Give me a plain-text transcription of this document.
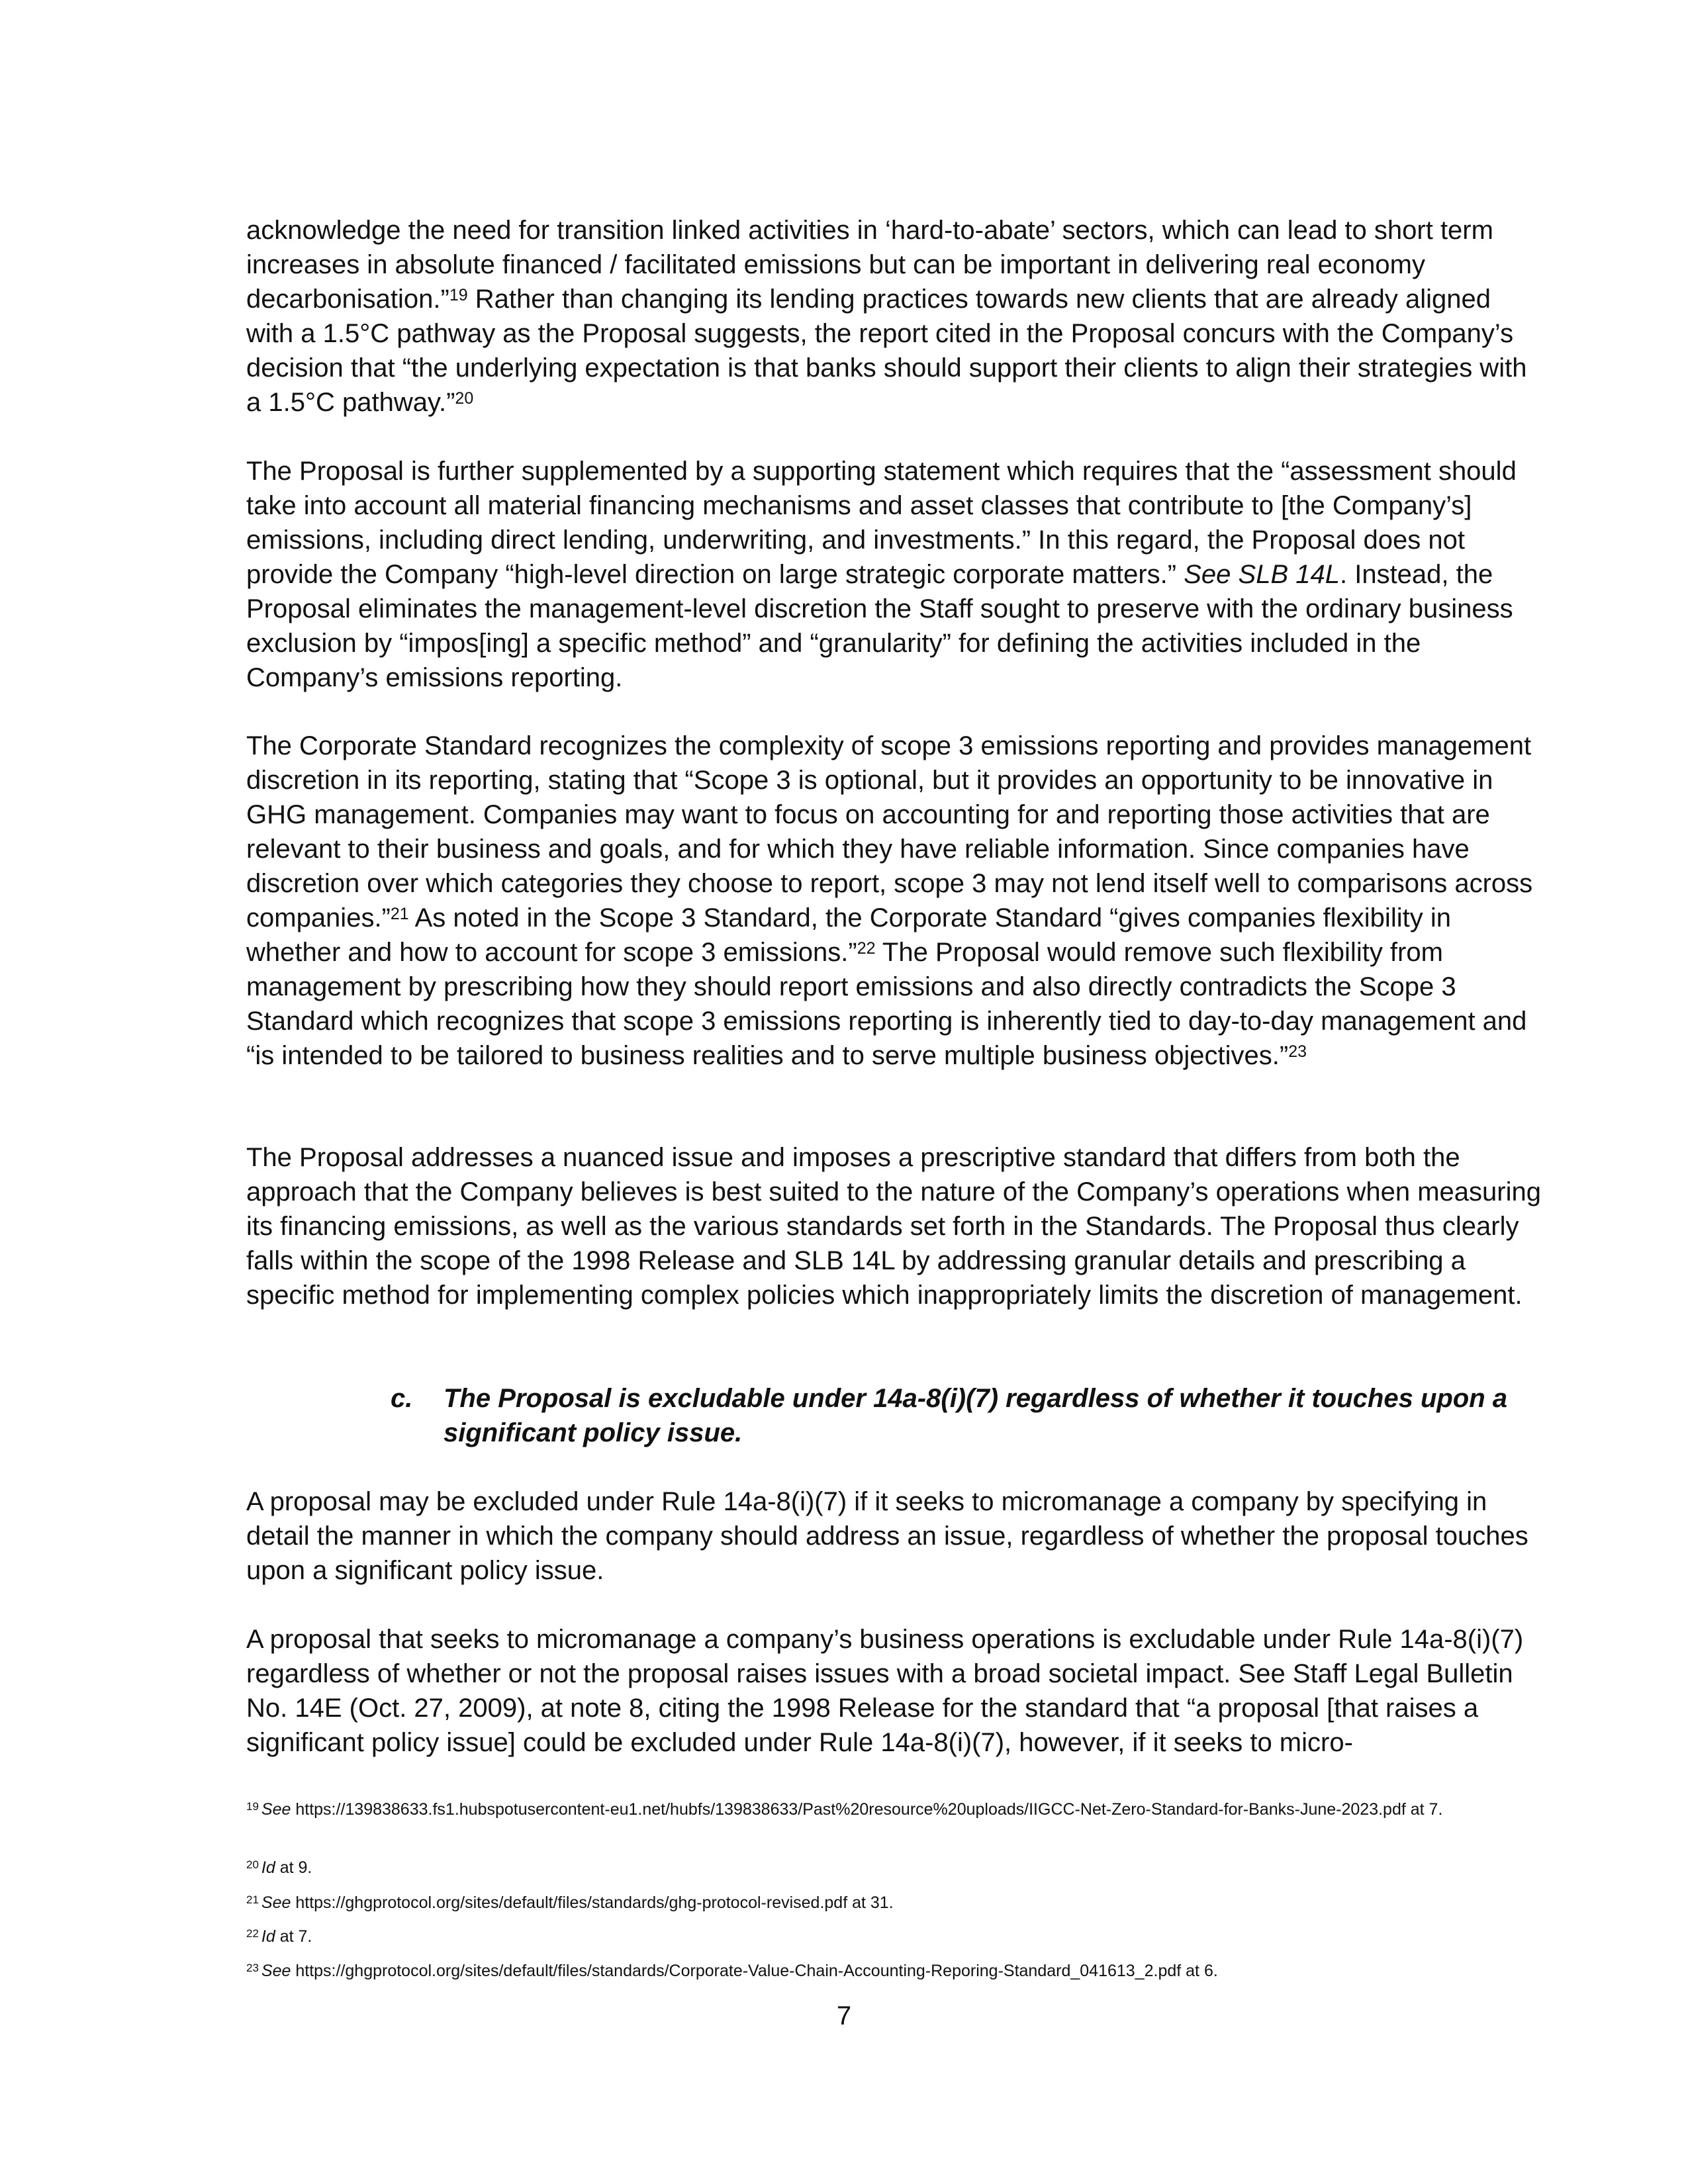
acknowledge the need for transition linked activities in ‘hard-to-abate’ sectors, which can lead to short term increases in absolute financed / facilitated emissions but can be important in delivering real economy decarbonisation.”$^{19}$ Rather than changing its lending practices towards new clients that are already aligned with a 1.5°C pathway as the Proposal suggests, the report cited in the Proposal concurs with the Company’s decision that “the underlying expectation is that banks should support their clients to align their strategies with a 1.5°C pathway.”$^{20}$

The Proposal is further supplemented by a supporting statement which requires that the “assessment should take into account all material financing mechanisms and asset classes that contribute to [the Company’s] emissions, including direct lending, underwriting, and investments.” In this regard, the Proposal does not provide the Company “high-level direction on large strategic corporate matters.” See SLB 14L. Instead, the Proposal eliminates the management-level discretion the Staff sought to preserve with the ordinary business exclusion by “impos[ing] a specific method” and “granularity” for defining the activities included in the Company’s emissions reporting.

The Corporate Standard recognizes the complexity of scope 3 emissions reporting and provides management discretion in its reporting, stating that “Scope 3 is optional, but it provides an opportunity to be innovative in GHG management. Companies may want to focus on accounting for and reporting those activities that are relevant to their business and goals, and for which they have reliable information. Since companies have discretion over which categories they choose to report, scope 3 may not lend itself well to comparisons across companies.”$^{21}$ As noted in the Scope 3 Standard, the Corporate Standard “gives companies flexibility in whether and how to account for scope 3 emissions.”$^{22}$ The Proposal would remove such flexibility from management by prescribing how they should report emissions and also directly contradicts the Scope 3 Standard which recognizes that scope 3 emissions reporting is inherently tied to day-to-day management and “is intended to be tailored to business realities and to serve multiple business objectives.”$^{23}$

The Proposal addresses a nuanced issue and imposes a prescriptive standard that differs from both the approach that the Company believes is best suited to the nature of the Company’s operations when measuring its financing emissions, as well as the various standards set forth in the Standards. The Proposal thus clearly falls within the scope of the 1998 Release and SLB 14L by addressing granular details and prescribing a specific method for implementing complex policies which inappropriately limits the discretion of management.

c. The Proposal is excludable under 14a-8(i)(7) regardless of whether it touches upon a significant policy issue.

A proposal may be excluded under Rule 14a-8(i)(7) if it seeks to micromanage a company by specifying in detail the manner in which the company should address an issue, regardless of whether the proposal touches upon a significant policy issue.

A proposal that seeks to micromanage a company’s business operations is excludable under Rule 14a-8(i)(7) regardless of whether or not the proposal raises issues with a broad societal impact. See Staff Legal Bulletin No. 14E (Oct. 27, 2009), at note 8, citing the 1998 Release for the standard that “a proposal [that raises a significant policy issue] could be excluded under Rule 14a-8(i)(7), however, if it seeks to micro-

$^{19}$ See https://139838633.fs1.hubspotusercontent-eu1.net/hubfs/139838633/Past%20resource%20uploads/IIGCC-Net-Zero-Standard-for-Banks-June-2023.pdf at 7.

$^{20}$ Id at 9.

$^{21}$ See https://ghgprotocol.org/sites/default/files/standards/ghg-protocol-revised.pdf at 31.

$^{22}$ Id at 7.

$^{23}$ See https://ghgprotocol.org/sites/default/files/standards/Corporate-Value-Chain-Accounting-Reporing-Standard_041613_2.pdf at 6.

7
